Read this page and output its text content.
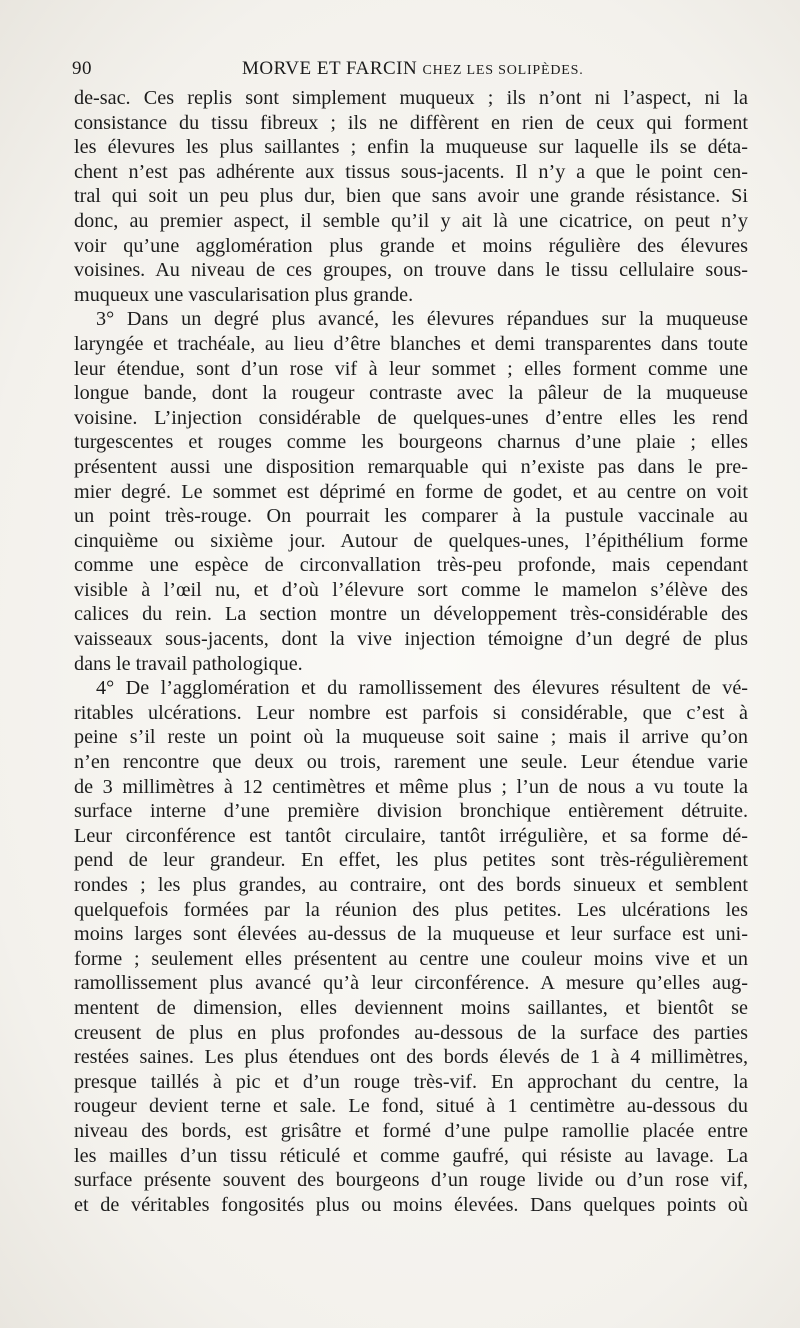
90	MORVE ET FARCIN CHEZ LES SOLIPÈDES.
de-sac. Ces replis sont simplement muqueux ; ils n’ont ni l’aspect, ni la
consistance du tissu fibreux ; ils ne diffèrent en rien de ceux qui forment
les élevures les plus saillantes ; enfin la muqueuse sur laquelle ils se déta-
chent n’est pas adhérente aux tissus sous-jacents. Il n’y a que le point cen-
tral qui soit un peu plus dur, bien que sans avoir une grande résistance. Si
donc, au premier aspect, il semble qu’il y ait là une cicatrice, on peut n’y
voir qu’une agglomération plus grande et moins régulière des élevures
voisines. Au niveau de ces groupes, on trouve dans le tissu cellulaire sous-
muqueux une vascularisation plus grande.
3° Dans un degré plus avancé, les élevures répandues sur la muqueuse
laryngée et trachéale, au lieu d’être blanches et demi transparentes dans toute
leur étendue, sont d’un rose vif à leur sommet ; elles forment comme une
longue bande, dont la rougeur contraste avec la pâleur de la muqueuse
voisine. L’injection considérable de quelques-unes d’entre elles les rend
turgescentes et rouges comme les bourgeons charnus d’une plaie ; elles
présentent aussi une disposition remarquable qui n’existe pas dans le pre-
mier degré. Le sommet est déprimé en forme de godet, et au centre on voit
un point très-rouge. On pourrait les comparer à la pustule vaccinale au
cinquième ou sixième jour. Autour de quelques-unes, l’épithélium forme
comme une espèce de circonvallation très-peu profonde, mais cependant
visible à l’œil nu, et d’où l’élevure sort comme le mamelon s’élève des
calices du rein. La section montre un développement très-considérable des
vaisseaux sous-jacents, dont la vive injection témoigne d’un degré de plus
dans le travail pathologique.
4° De l’agglomération et du ramollissement des élevures résultent de vé-
ritables ulcérations. Leur nombre est parfois si considérable, que c’est à
peine s’il reste un point où la muqueuse soit saine ; mais il arrive qu’on
n’en rencontre que deux ou trois, rarement une seule. Leur étendue varie
de 3 millimètres à 12 centimètres et même plus ; l’un de nous a vu toute la
surface interne d’une première division bronchique entièrement détruite.
Leur circonférence est tantôt circulaire, tantôt irrégulière, et sa forme dé-
pend de leur grandeur. En effet, les plus petites sont très-régulièrement
rondes ; les plus grandes, au contraire, ont des bords sinueux et semblent
quelquefois formées par la réunion des plus petites. Les ulcérations les
moins larges sont élevées au-dessus de la muqueuse et leur surface est uni-
forme ; seulement elles présentent au centre une couleur moins vive et un
ramollissement plus avancé qu’à leur circonférence. A mesure qu’elles aug-
mentent de dimension, elles deviennent moins saillantes, et bientôt se
creusent de plus en plus profondes au-dessous de la surface des parties
restées saines. Les plus étendues ont des bords élevés de 1 à 4 millimètres,
presque taillés à pic et d’un rouge très-vif. En approchant du centre, la
rougeur devient terne et sale. Le fond, situé à 1 centimètre au-dessous du
niveau des bords, est grisâtre et formé d’une pulpe ramollie placée entre
les mailles d’un tissu réticulé et comme gaufré, qui résiste au lavage. La
surface présente souvent des bourgeons d’un rouge livide ou d’un rose vif,
et de véritables fongosités plus ou moins élevées. Dans quelques points où
